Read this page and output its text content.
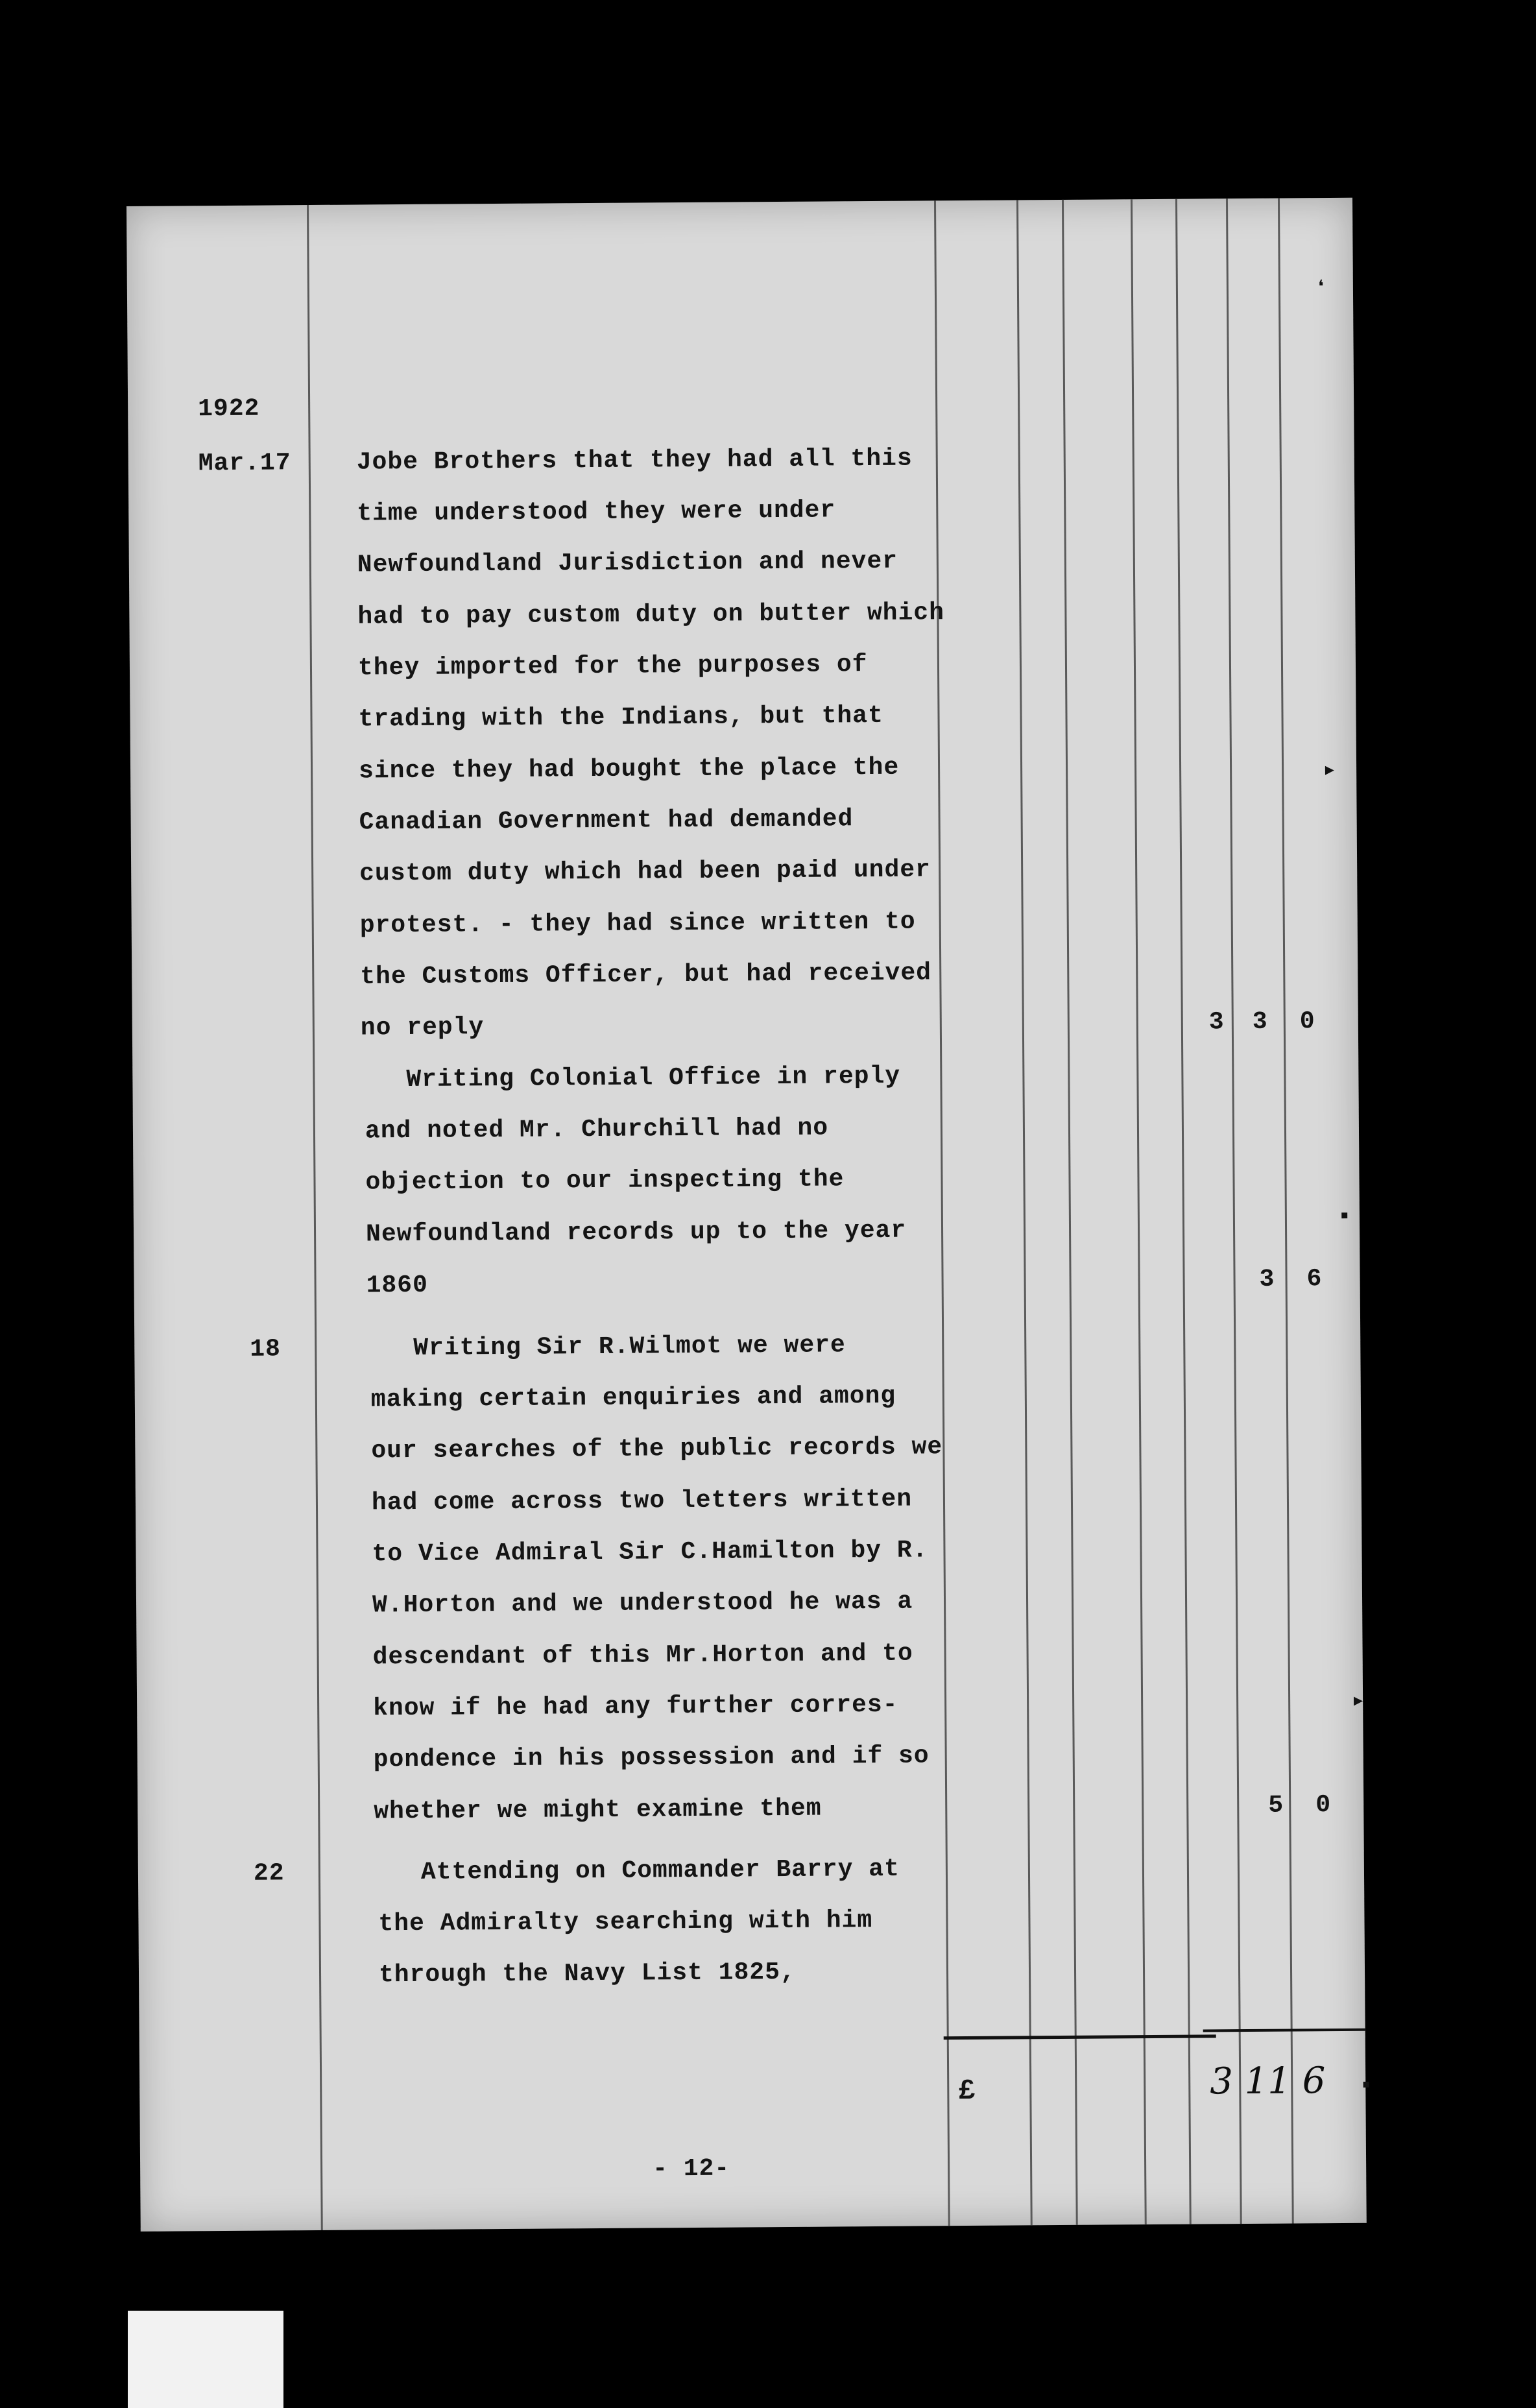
1922
Mar.17
18
22
Jobe Brothers that they had all this
time understood they were under
Newfoundland Jurisdiction and never
had to pay custom duty on butter which
they imported for the purposes of
trading with the Indians, but that
since they had bought the place the
Canadian Government had demanded
custom duty which had been paid under
protest. - they had since written to
the Customs Officer, but had received
no reply
Writing Colonial Office in reply
and noted Mr. Churchill had no
objection to our inspecting the
Newfoundland records up to the year
1860
Writing Sir R.Wilmot we were
making certain enquiries and among
our searches of the public records we
had come across two letters written
to Vice Admiral Sir C.Hamilton by R.
W.Horton and we understood he was a
descendant of this Mr.Horton and to
know if he had any further corres-
pondence in his possession and if so
whether we might examine them
Attending on Commander Barry at
the Admiralty searching with him
through the Navy List 1825,
3 3 0
3 6
5 0
£	3 11 6
- 12-
❛
▸
▪
▸
▪
